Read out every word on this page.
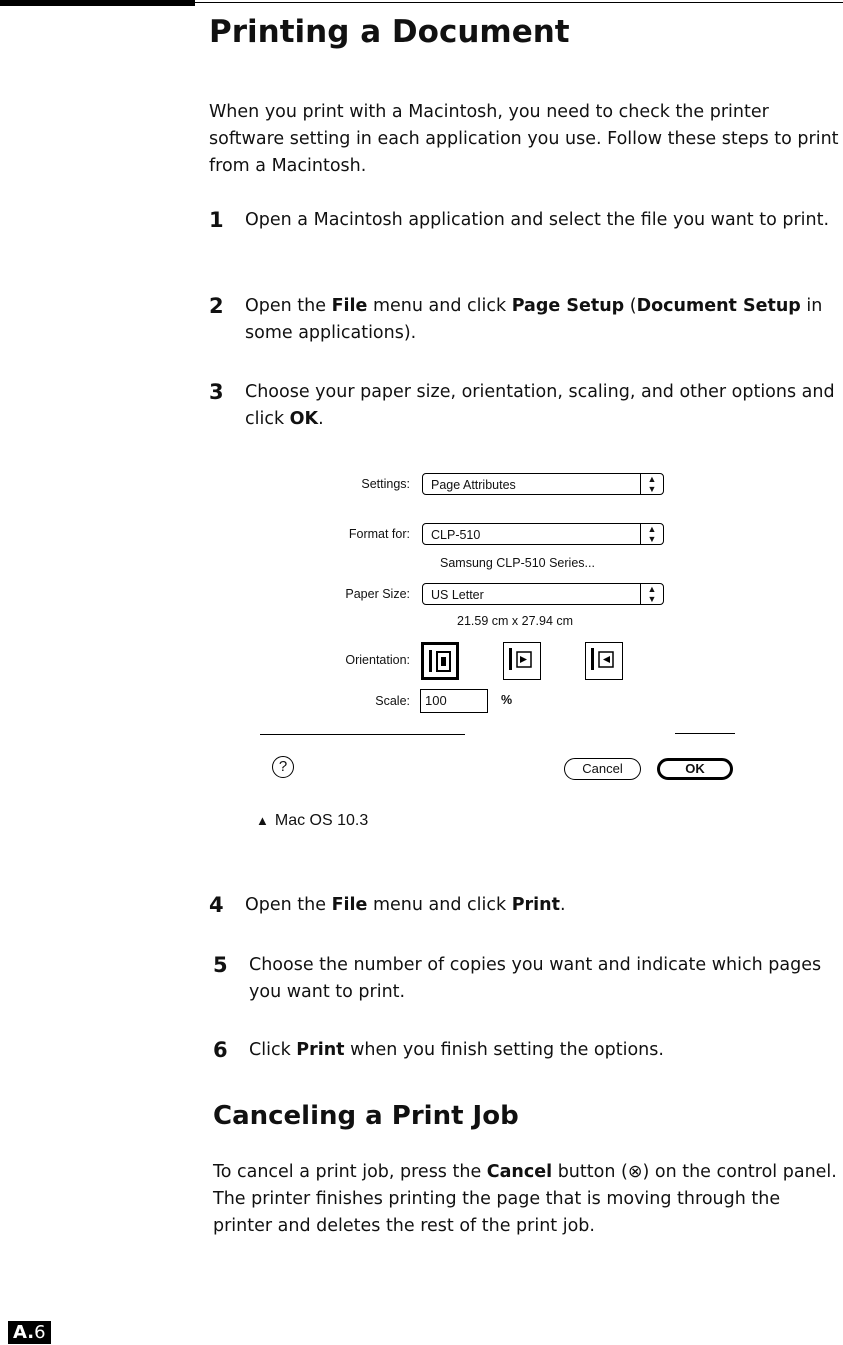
Printing a Document

When you print with a Macintosh, you need to check the printer software setting in each application you use. Follow these steps to print from a Macintosh.

1 Open a Macintosh application and select the file you want to print.
2 Open the File menu and click Page Setup (Document Setup in some applications).
3 Choose your paper size, orientation, scaling, and other options and click OK.
Settings:	Page Attributes	▲
▼
Format for:	CLP-510	▲
▼
Samsung CLP-510 Series...
Paper Size:	US Letter	▲
▼
21.59 cm x 27.94 cm
Orientation:
Scale:	100	%
?	Cancel	OK
▲ Mac OS 10.3
4 Open the File menu and click Print.
5 Choose the number of copies you want and indicate which pages you want to print.
6 Click Print when you finish setting the options.
Canceling a Print Job

To cancel a print job, press the Cancel button (⊗) on the control panel. The printer finishes printing the page that is moving through the printer and deletes the rest of the print job.

A.6
